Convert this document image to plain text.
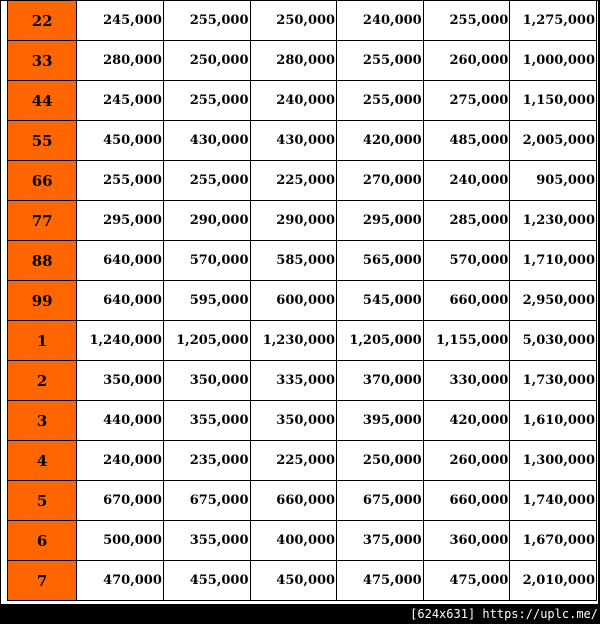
22	245,000	255,000	250,000	240,000	255,000	1,275,000
33	280,000	250,000	280,000	255,000	260,000	1,000,000
44	245,000	255,000	240,000	255,000	275,000	1,150,000
55	450,000	430,000	430,000	420,000	485,000	2,005,000
66	255,000	255,000	225,000	270,000	240,000	905,000
77	295,000	290,000	290,000	295,000	285,000	1,230,000
88	640,000	570,000	585,000	565,000	570,000	1,710,000
99	640,000	595,000	600,000	545,000	660,000	2,950,000
1	1,240,000	1,205,000	1,230,000	1,205,000	1,155,000	5,030,000
2	350,000	350,000	335,000	370,000	330,000	1,730,000
3	440,000	355,000	350,000	395,000	420,000	1,610,000
4	240,000	235,000	225,000	250,000	260,000	1,300,000
5	670,000	675,000	660,000	675,000	660,000	1,740,000
6	500,000	355,000	400,000	375,000	360,000	1,670,000
7	470,000	455,000	450,000	475,000	475,000	2,010,000
[624x631] https://uplc.me/
